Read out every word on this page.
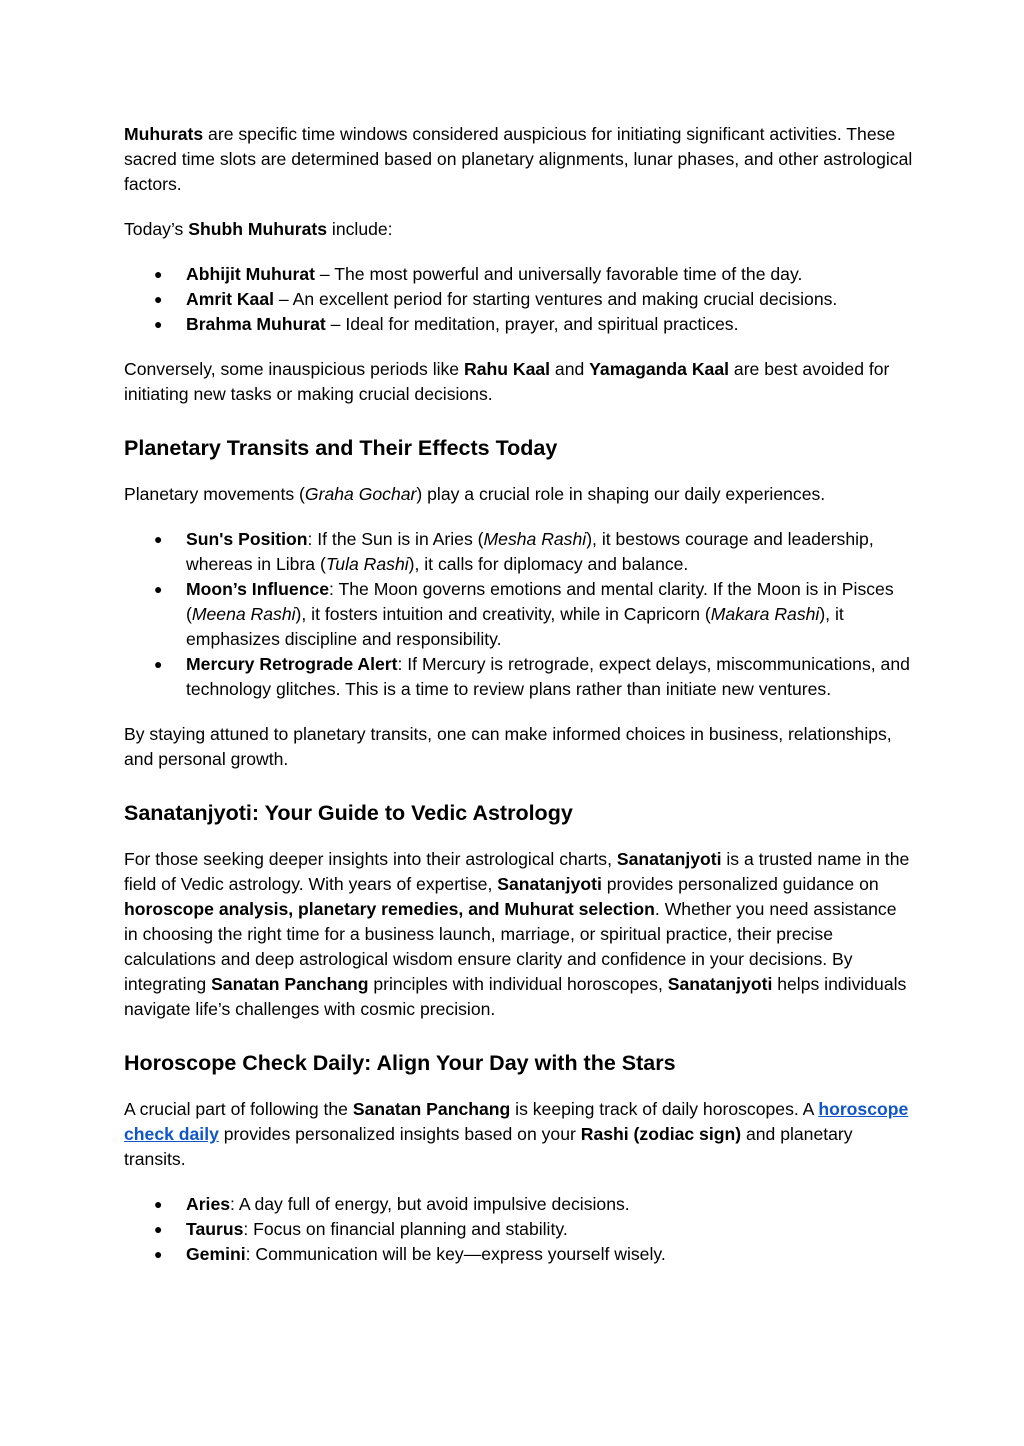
Muhurats are specific time windows considered auspicious for initiating significant activities. These sacred time slots are determined based on planetary alignments, lunar phases, and other astrological factors.

Today’s Shubh Muhurats include:

● Abhijit Muhurat – The most powerful and universally favorable time of the day.
● Amrit Kaal – An excellent period for starting ventures and making crucial decisions.
● Brahma Muhurat – Ideal for meditation, prayer, and spiritual practices.

Conversely, some inauspicious periods like Rahu Kaal and Yamaganda Kaal are best avoided for initiating new tasks or making crucial decisions.

Planetary Transits and Their Effects Today

Planetary movements (Graha Gochar) play a crucial role in shaping our daily experiences.

● Sun's Position: If the Sun is in Aries (Mesha Rashi), it bestows courage and leadership, whereas in Libra (Tula Rashi), it calls for diplomacy and balance.
● Moon’s Influence: The Moon governs emotions and mental clarity. If the Moon is in Pisces (Meena Rashi), it fosters intuition and creativity, while in Capricorn (Makara Rashi), it emphasizes discipline and responsibility.
● Mercury Retrograde Alert: If Mercury is retrograde, expect delays, miscommunications, and technology glitches. This is a time to review plans rather than initiate new ventures.

By staying attuned to planetary transits, one can make informed choices in business, relationships, and personal growth.

Sanatanjyoti: Your Guide to Vedic Astrology

For those seeking deeper insights into their astrological charts, Sanatanjyoti is a trusted name in the field of Vedic astrology. With years of expertise, Sanatanjyoti provides personalized guidance on horoscope analysis, planetary remedies, and Muhurat selection. Whether you need assistance in choosing the right time for a business launch, marriage, or spiritual practice, their precise calculations and deep astrological wisdom ensure clarity and confidence in your decisions. By integrating Sanatan Panchang principles with individual horoscopes, Sanatanjyoti helps individuals navigate life’s challenges with cosmic precision.

Horoscope Check Daily: Align Your Day with the Stars

A crucial part of following the Sanatan Panchang is keeping track of daily horoscopes. A horoscope check daily provides personalized insights based on your Rashi (zodiac sign) and planetary transits.

● Aries: A day full of energy, but avoid impulsive decisions.
● Taurus: Focus on financial planning and stability.
● Gemini: Communication will be key—express yourself wisely.
